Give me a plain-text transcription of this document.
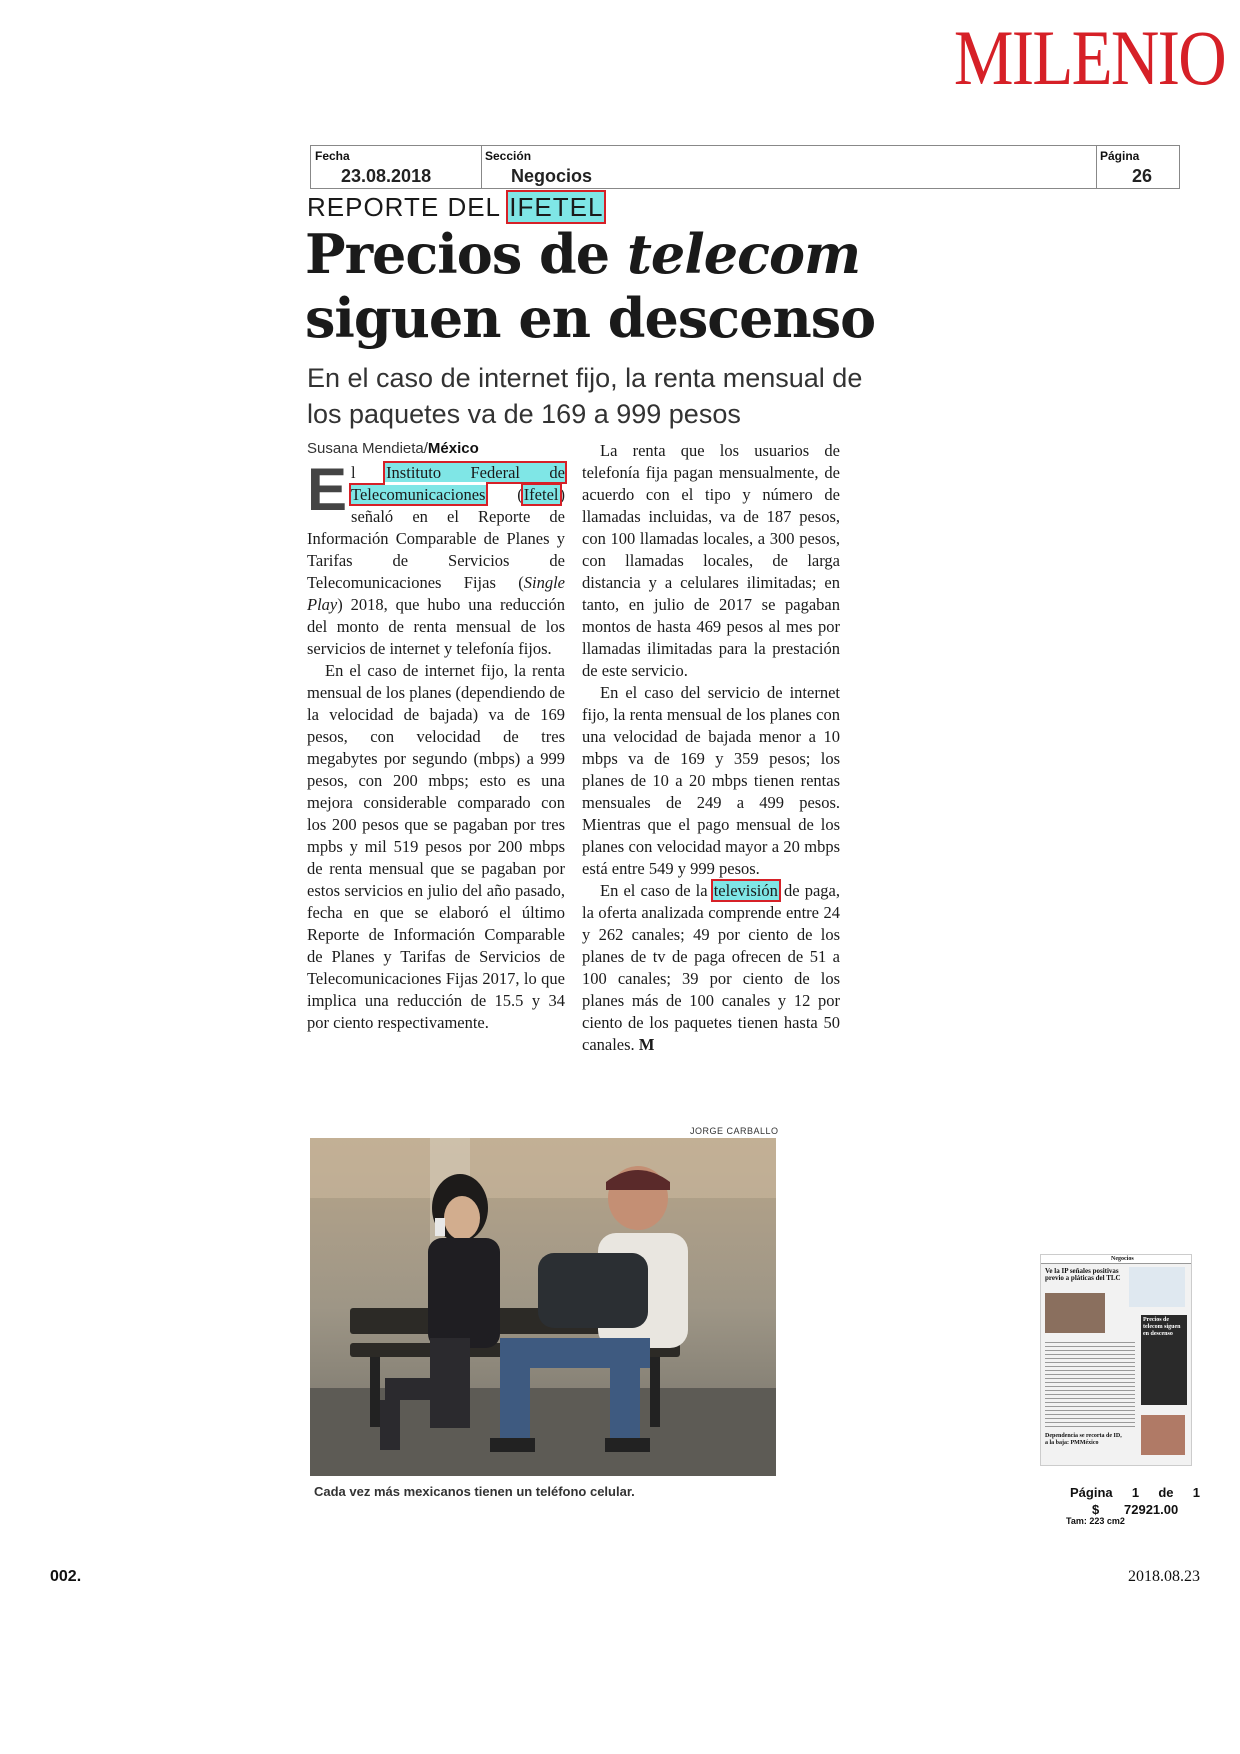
MILENIO
Fecha
23.08.2018
Sección
Negocios
Página
26
REPORTE DEL IFETEL
Precios de telecom
siguen en descenso
En el caso de internet fijo, la renta mensual de los paquetes va de 169 a 999 pesos
Susana Mendieta/México

El Instituto Federal de Telecomunicaciones (Ifetel) señaló en el Reporte de Información Comparable de Planes y Tarifas de Servicios de Telecomunicaciones Fijas (Single Play) 2018, que hubo una reducción del monto de renta mensual de los servicios de internet y telefonía fijos.

En el caso de internet fijo, la renta mensual de los planes (dependiendo de la velocidad de bajada) va de 169 pesos, con velocidad de tres megabytes por segundo (mbps) a 999 pesos, con 200 mbps; esto es una mejora considerable comparado con los 200 pesos que se pagaban por tres mpbs y mil 519 pesos por 200 mbps de renta mensual que se pagaban por estos servicios en julio del año pasado, fecha en que se elaboró el último Reporte de Información Comparable de Planes y Tarifas de Servicios de Telecomunicaciones Fijas 2017, lo que implica una reducción de 15.5 y 34 por ciento respectivamente.

La renta que los usuarios de telefonía fija pagan mensualmente, de acuerdo con el tipo y número de llamadas incluidas, va de 187 pesos, con 100 llamadas locales, a 300 pesos, con llamadas locales, de larga distancia y a celulares ilimitadas; en tanto, en julio de 2017 se pagaban montos de hasta 469 pesos al mes por llamadas ilimitadas para la prestación de este servicio.

En el caso del servicio de internet fijo, la renta mensual de los planes con una velocidad de bajada menor a 10 mbps va de 169 y 359 pesos; los planes de 10 a 20 mbps tienen rentas mensuales de 249 a 499 pesos. Mientras que el pago mensual de los planes con velocidad mayor a 20 mbps está entre 549 y 999 pesos.

En el caso de la televisión de paga, la oferta analizada comprende entre 24 y 262 canales; 49 por ciento de los planes de tv de paga ofrecen de 51 a 100 canales; 39 por ciento de los planes más de 100 canales y 12 por ciento de los paquetes tienen hasta 50 canales. M

JORGE CARBALLO
Cada vez más mexicanos tienen un teléfono celular.
Negocios
Ve la IP señales positivas previo a pláticas del TLC
Precios de telecom siguen en descenso
Dependencia se recorta de ID, a la baja: PMMéxico
Página 1 de 1
$ 72921.00
Tam: 223 cm2
002.	2018.08.23
